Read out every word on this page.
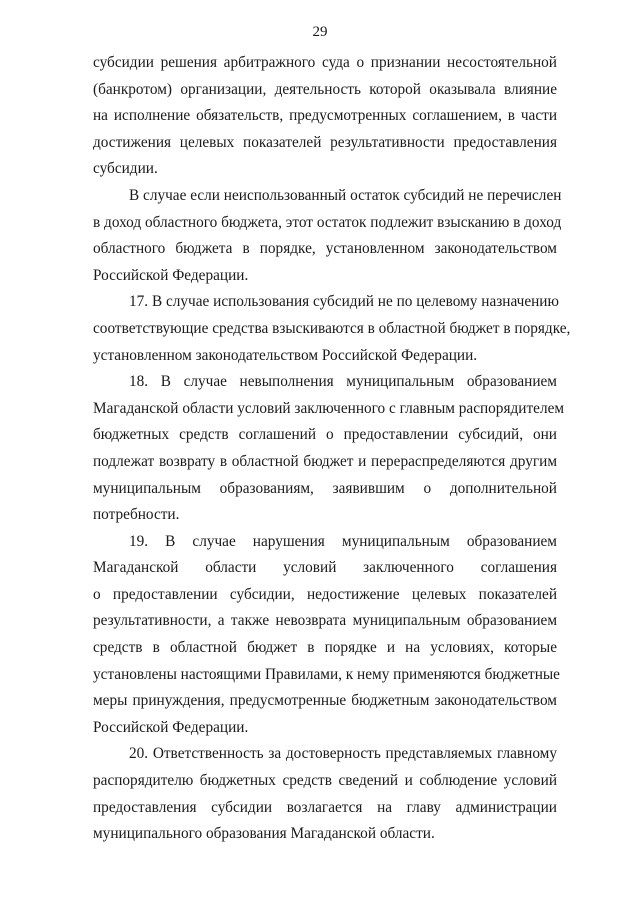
29

субсидии решения арбитражного суда о признании несостоятельной
(банкротом) организации, деятельность которой оказывала влияние
на исполнение обязательств, предусмотренных соглашением, в части
достижения целевых показателей результативности предоставления
субсидии.

В случае если неиспользованный остаток субсидий не перечислен
в доход областного бюджета, этот остаток подлежит взысканию в доход
областного бюджета в порядке, установленном законодательством
Российской Федерации.

17. В случае использования субсидий не по целевому назначению
соответствующие средства взыскиваются в областной бюджет в порядке,
установленном законодательством Российской Федерации.

18. В случае невыполнения муниципальным образованием
Магаданской области условий заключенного с главным распорядителем
бюджетных средств соглашений о предоставлении субсидий, они
подлежат возврату в областной бюджет и перераспределяются другим
муниципальным образованиям, заявившим о дополнительной
потребности.

19. В случае нарушения муниципальным образованием
Магаданской области условий заключенного соглашения
о предоставлении субсидии, недостижение целевых показателей
результативности, а также невозврата муниципальным образованием
средств в областной бюджет в порядке и на условиях, которые
установлены настоящими Правилами, к нему применяются бюджетные
меры принуждения, предусмотренные бюджетным законодательством
Российской Федерации.

20. Ответственность за достоверность представляемых главному
распорядителю бюджетных средств сведений и соблюдение условий
предоставления субсидии возлагается на главу администрации
муниципального образования Магаданской области.
